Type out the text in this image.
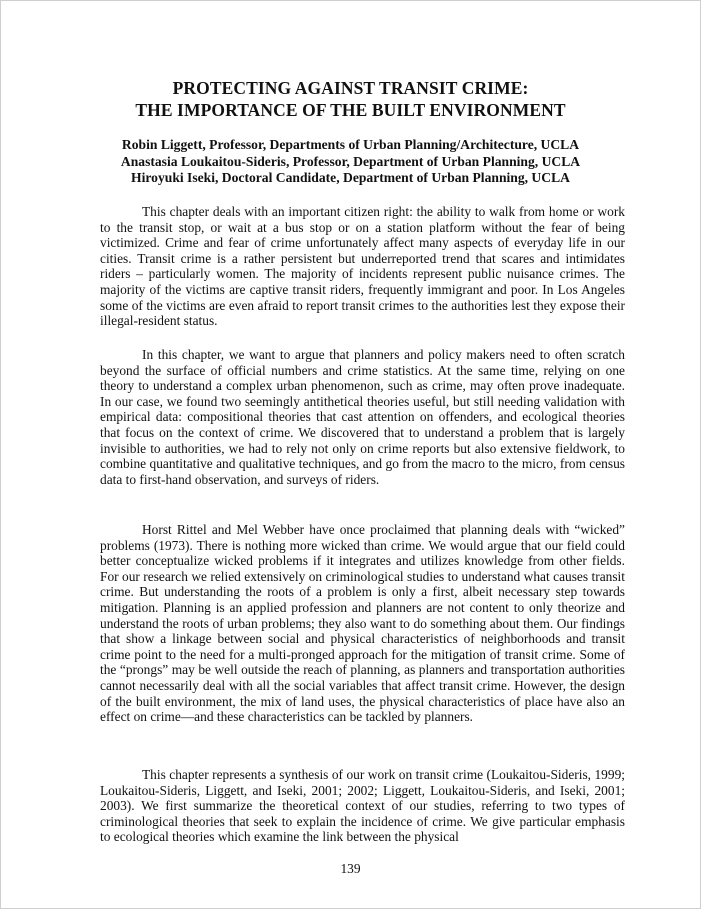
PROTECTING AGAINST TRANSIT CRIME:
THE IMPORTANCE OF THE BUILT ENVIRONMENT
Robin Liggett, Professor, Departments of Urban Planning/Architecture, UCLA
Anastasia Loukaitou-Sideris, Professor, Department of Urban Planning, UCLA
Hiroyuki Iseki, Doctoral Candidate, Department of Urban Planning, UCLA

This chapter deals with an important citizen right: the ability to walk from home or work to the transit stop, or wait at a bus stop or on a station platform without the fear of being victimized. Crime and fear of crime unfortunately affect many aspects of everyday life in our cities. Transit crime is a rather persistent but underreported trend that scares and intimidates riders – particularly women. The majority of incidents represent public nuisance crimes. The majority of the victims are captive transit riders, frequently immigrant and poor. In Los Angeles some of the victims are even afraid to report transit crimes to the authorities lest they expose their illegal-resident status.

In this chapter, we want to argue that planners and policy makers need to often scratch beyond the surface of official numbers and crime statistics. At the same time, relying on one theory to understand a complex urban phenomenon, such as crime, may often prove inadequate. In our case, we found two seemingly antithetical theories useful, but still needing validation with empirical data: compositional theories that cast attention on offenders, and ecological theories that focus on the context of crime. We discovered that to understand a problem that is largely invisible to authorities, we had to rely not only on crime reports but also extensive fieldwork, to combine quantitative and qualitative techniques, and go from the macro to the micro, from census data to first-hand observation, and surveys of riders.

Horst Rittel and Mel Webber have once proclaimed that planning deals with “wicked” problems (1973). There is nothing more wicked than crime. We would argue that our field could better conceptualize wicked problems if it integrates and utilizes knowledge from other fields. For our research we relied extensively on criminological studies to understand what causes transit crime. But understanding the roots of a problem is only a first, albeit necessary step towards mitigation. Planning is an applied profession and planners are not content to only theorize and understand the roots of urban problems; they also want to do something about them. Our findings that show a linkage between social and physical characteristics of neighborhoods and transit crime point to the need for a multi-pronged approach for the mitigation of transit crime. Some of the “prongs” may be well outside the reach of planning, as planners and transportation authorities cannot necessarily deal with all the social variables that affect transit crime. However, the design of the built environment, the mix of land uses, the physical characteristics of place have also an effect on crime—and these characteristics can be tackled by planners.

This chapter represents a synthesis of our work on transit crime (Loukaitou-Sideris, 1999; Loukaitou-Sideris, Liggett, and Iseki, 2001; 2002; Liggett, Loukaitou-Sideris, and Iseki, 2001; 2003). We first summarize the theoretical context of our studies, referring to two types of criminological theories that seek to explain the incidence of crime. We give particular emphasis to ecological theories which examine the link between the physical

139
